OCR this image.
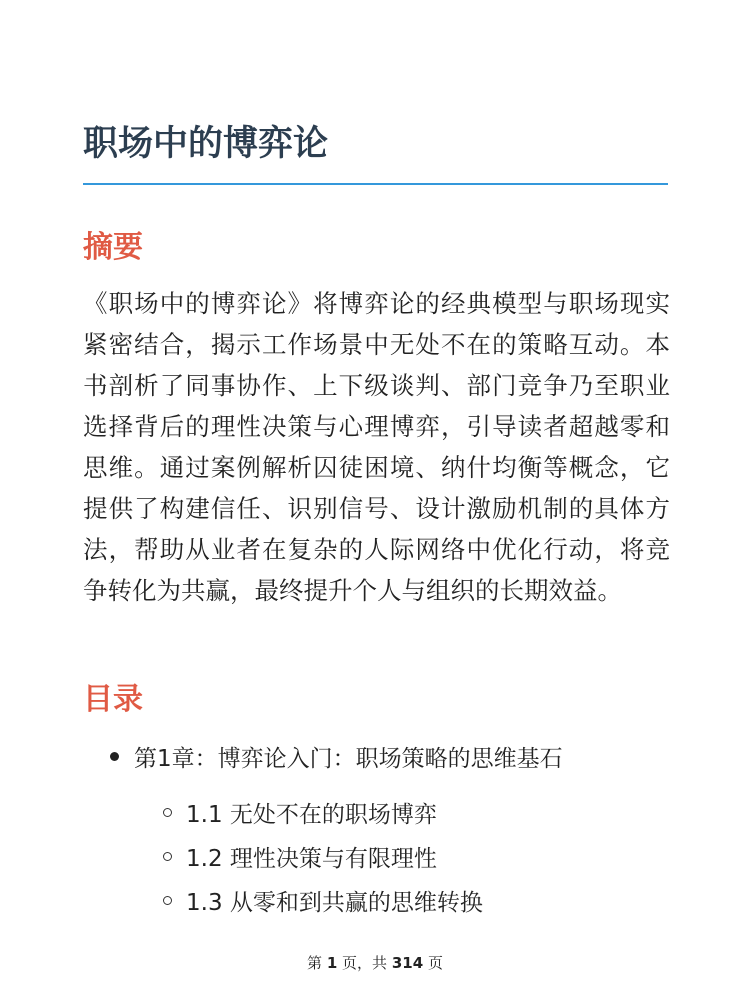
职场中的博弈论
摘要

《职场中的博弈论》将博弈论的经典模型与职场现实紧密结合，揭示工作场景中无处不在的策略互动。本书剖析了同事协作、上下级谈判、部门竞争乃至职业选择背后的理性决策与心理博弈，引导读者超越零和思维。通过案例解析囚徒困境、纳什均衡等概念，它提供了构建信任、识别信号、设计激励机制的具体方法，帮助从业者在复杂的人际网络中优化行动，将竞争转化为共赢，最终提升个人与组织的长期效益。

目录
第1章：博弈论入门：职场策略的思维基石
1.1 无处不在的职场博弈
1.2 理性决策与有限理性
1.3 从零和到共赢的思维转换
第 1 页，共 314 页
